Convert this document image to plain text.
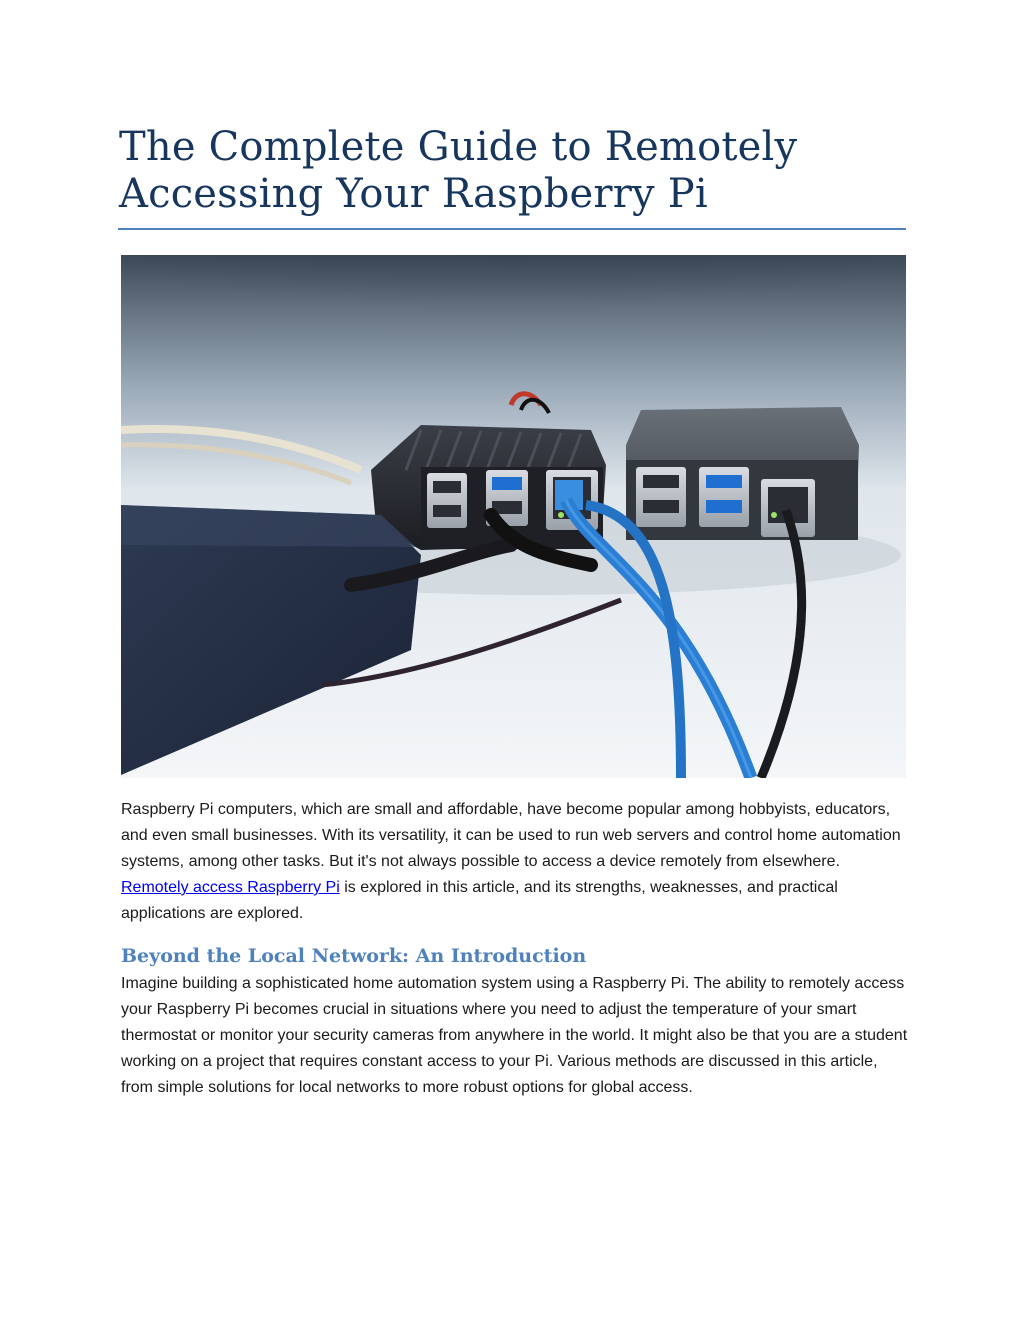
The Complete Guide to Remotely
Accessing Your Raspberry Pi

Raspberry Pi computers, which are small and affordable, have become popular among hobbyists, educators, and even small businesses. With its versatility, it can be used to run web servers and control home automation systems, among other tasks. But it's not always possible to access a device remotely from elsewhere. Remotely access Raspberry Pi is explored in this article, and its strengths, weaknesses, and practical applications are explored.

Beyond the Local Network: An Introduction

Imagine building a sophisticated home automation system using a Raspberry Pi. The ability to remotely access your Raspberry Pi becomes crucial in situations where you need to adjust the temperature of your smart thermostat or monitor your security cameras from anywhere in the world. It might also be that you are a student working on a project that requires constant access to your Pi. Various methods are discussed in this article, from simple solutions for local networks to more robust options for global access.
